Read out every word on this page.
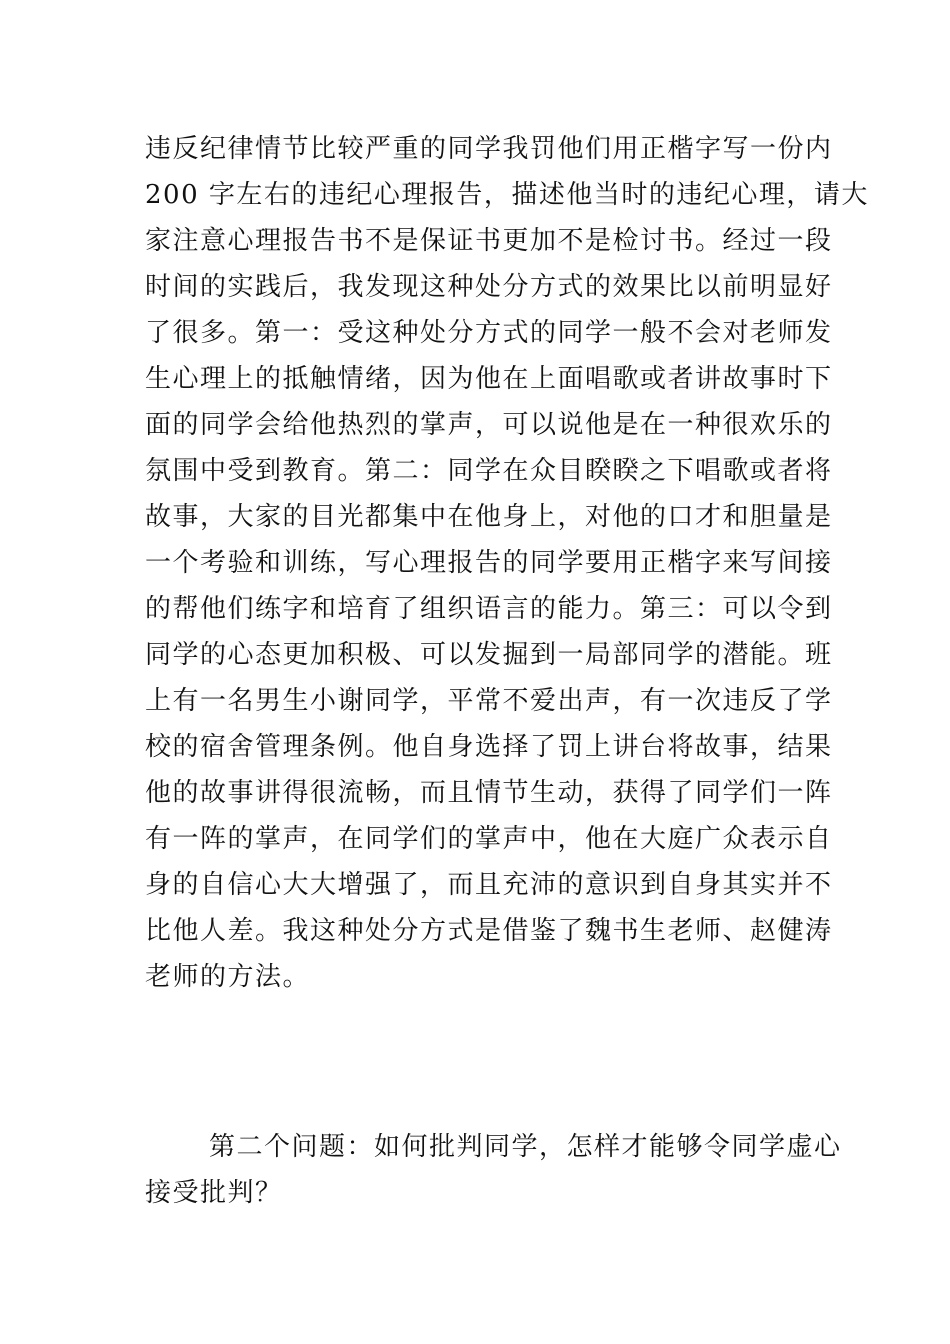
违反纪律情节比较严重的同学我罚他们用正楷字写一份内
200 字左右的违纪心理报告，描述他当时的违纪心理，请大
家注意心理报告书不是保证书更加不是检讨书。经过一段
时间的实践后，我发现这种处分方式的效果比以前明显好
了很多。第一：受这种处分方式的同学一般不会对老师发
生心理上的抵触情绪，因为他在上面唱歌或者讲故事时下
面的同学会给他热烈的掌声，可以说他是在一种很欢乐的
氛围中受到教育。第二：同学在众目睽睽之下唱歌或者将
故事，大家的目光都集中在他身上，对他的口才和胆量是
一个考验和训练，写心理报告的同学要用正楷字来写间接
的帮他们练字和培育了组织语言的能力。第三：可以令到
同学的心态更加积极、可以发掘到一局部同学的潜能。班
上有一名男生小谢同学，平常不爱出声，有一次违反了学
校的宿舍管理条例。他自身选择了罚上讲台将故事，结果
他的故事讲得很流畅，而且情节生动，获得了同学们一阵
有一阵的掌声，在同学们的掌声中，他在大庭广众表示自
身的自信心大大增强了，而且充沛的意识到自身其实并不
比他人差。我这种处分方式是借鉴了魏书生老师、赵健涛
老师的方法。
第二个问题：如何批判同学，怎样才能够令同学虚心
接受批判？
